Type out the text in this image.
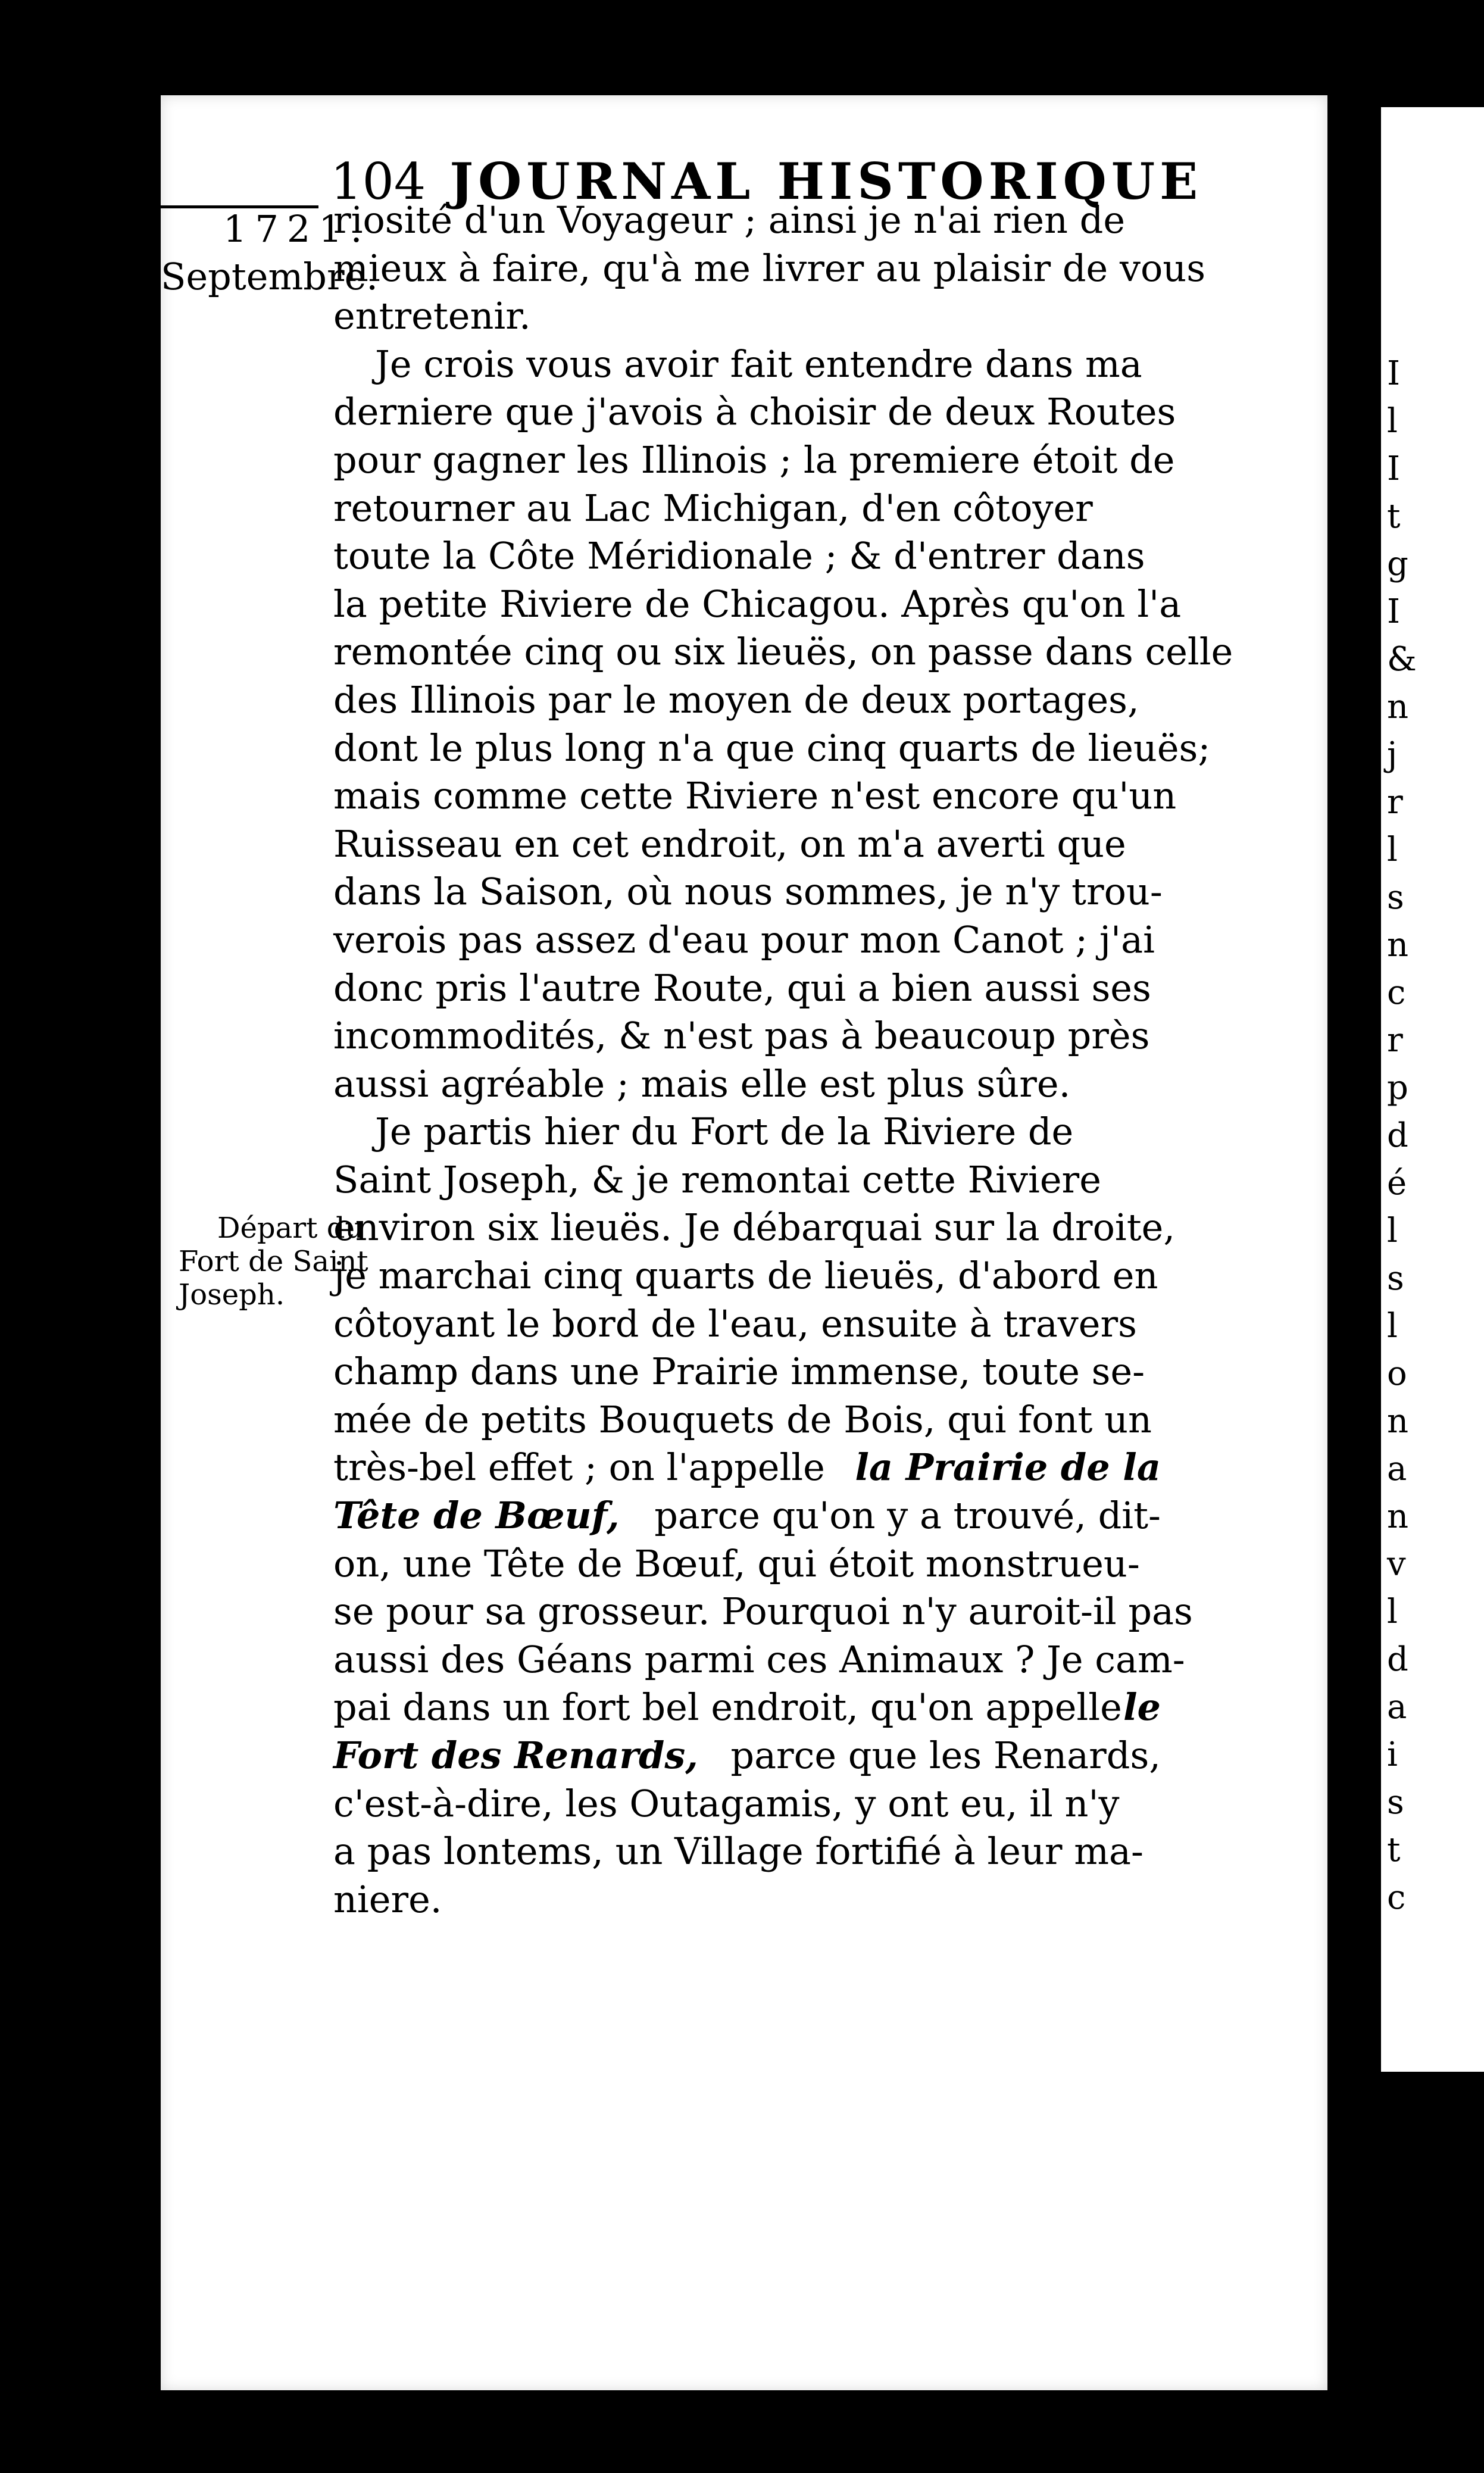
I
l
I
t
g
I
&
n
j
r
l
s
n
c
r
p
d
é
l
s
l
o
n
a
n
v
l
d
a
i
s
t
c
104 JOURNAL HISTORIQUE
1721.
Septembre.
Départ du
Fort de Saint
Joseph.
riosité d'un Voyageur ; ainsi je n'ai rien de
mieux à faire, qu'à me livrer au plaisir de vous
entretenir.
Je crois vous avoir fait entendre dans ma
derniere que j'avois à choisir de deux Routes
pour gagner les Illinois ; la premiere étoit de
retourner au Lac Michigan, d'en côtoyer
toute la Côte Méridionale ; & d'entrer dans
la petite Riviere de Chicagou. Après qu'on l'a
remontée cinq ou six lieuës, on passe dans celle
des Illinois par le moyen de deux portages,
dont le plus long n'a que cinq quarts de lieuës;
mais comme cette Riviere n'est encore qu'un
Ruisseau en cet endroit, on m'a averti que
dans la Saison, où nous sommes, je n'y trou-
verois pas assez d'eau pour mon Canot ; j'ai
donc pris l'autre Route, qui a bien aussi ses
incommodités, & n'est pas à beaucoup près
aussi agréable ; mais elle est plus sûre.
Je partis hier du Fort de la Riviere de
Saint Joseph, & je remontai cette Riviere
environ six lieuës. Je débarquai sur la droite,
je marchai cinq quarts de lieuës, d'abord en
côtoyant le bord de l'eau, ensuite à travers
champ dans une Prairie immense, toute se-
mée de petits Bouquets de Bois, qui font un
très-bel effet ; on l'appelle la Prairie de la
Tête de Bœuf, parce qu'on y a trouvé, dit-
on, une Tête de Bœuf, qui étoit monstrueu-
se pour sa grosseur. Pourquoi n'y auroit-il pas
aussi des Géans parmi ces Animaux ? Je cam-
pai dans un fort bel endroit, qu'on appelle le
Fort des Renards, parce que les Renards,
c'est-à-dire, les Outagamis, y ont eu, il n'y
a pas lontems, un Village fortifié à leur ma-
niere.
